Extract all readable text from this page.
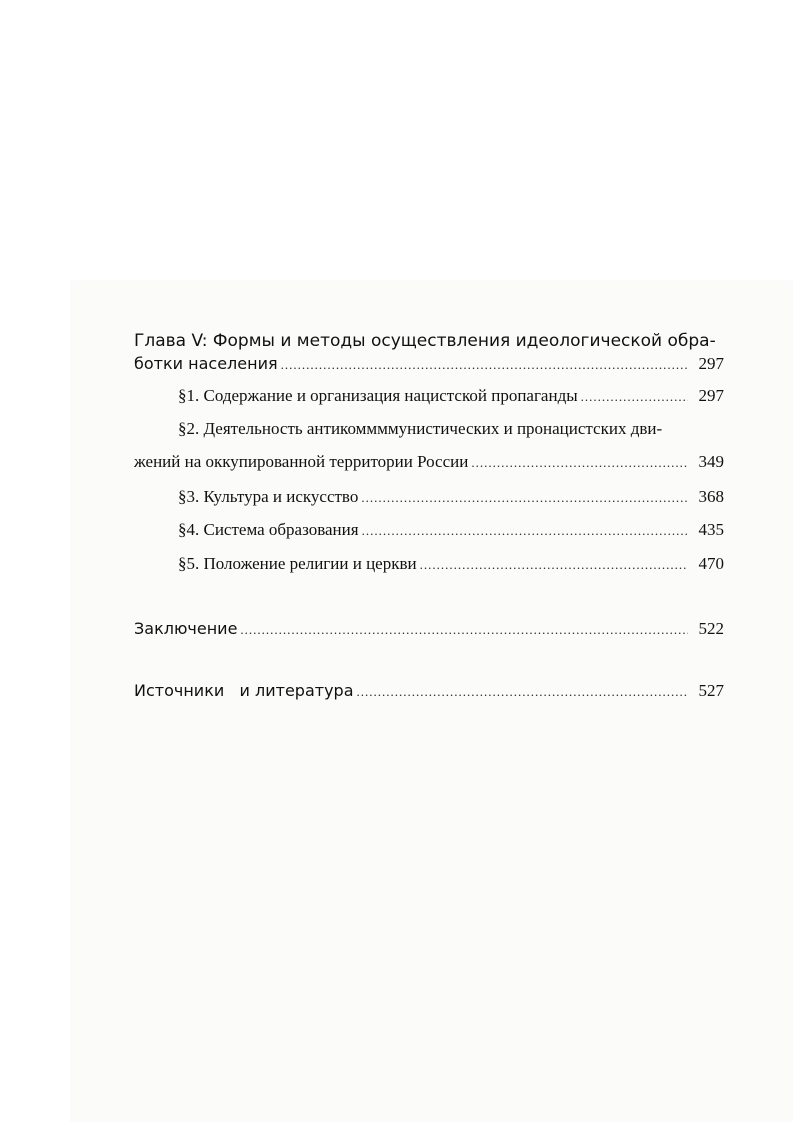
Глава V: Формы и методы осуществления идеологической обра-
ботки населения .....	297
§1. Содержание и организация нацистской пропаганды .....	297
§2. Деятельность антикоммммунистических и пронацистских дви-
жений на оккупированной территории России .....	349
§3. Культура и искусство .....	368
§4. Система образования .....	435
§5. Положение религии и церкви .....	470
Заключение .....	522
Источники   и литература .....	527
